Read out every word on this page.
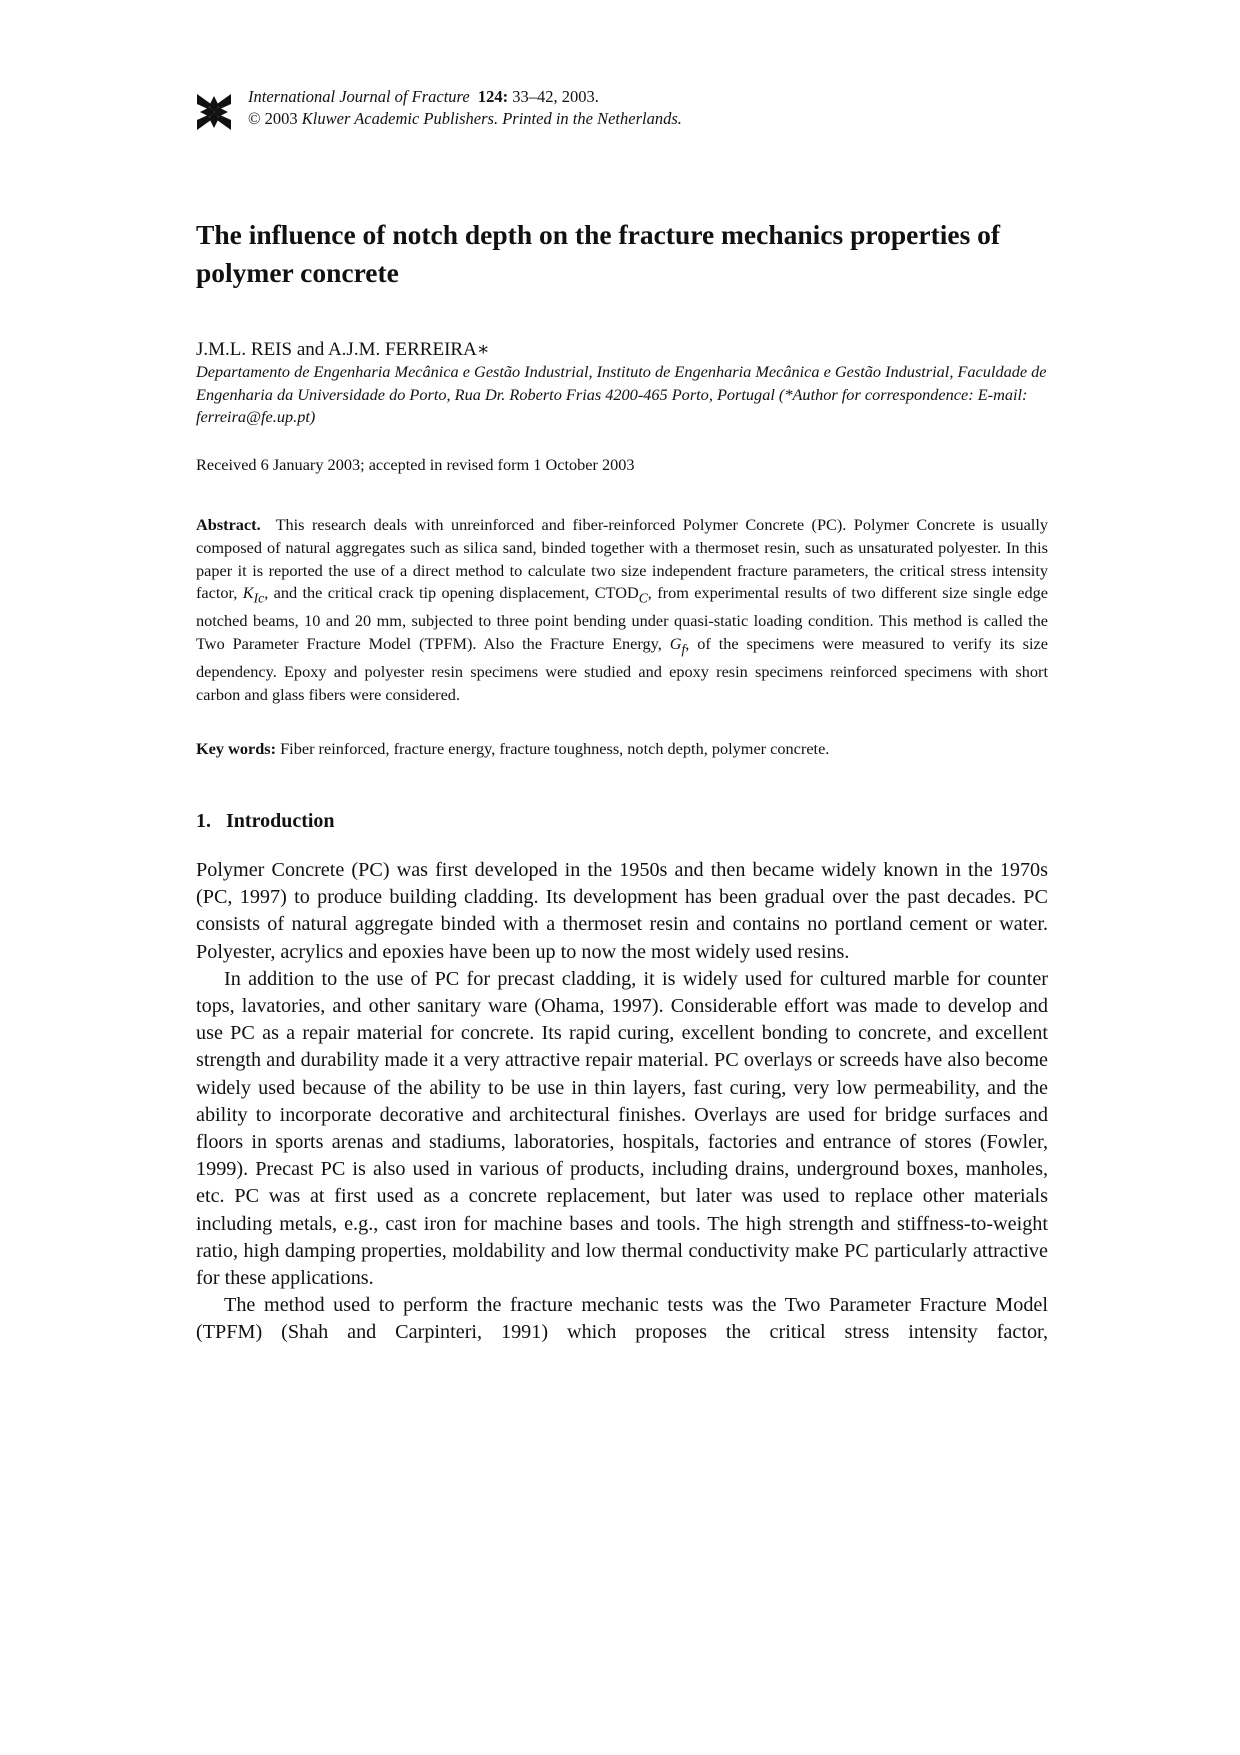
International Journal of Fracture 124: 33–42, 2003.
© 2003 Kluwer Academic Publishers. Printed in the Netherlands.
The influence of notch depth on the fracture mechanics properties of polymer concrete
J.M.L. REIS and A.J.M. FERREIRA∗
Departamento de Engenharia Mecânica e Gestão Industrial, Instituto de Engenharia Mecânica e Gestão Industrial, Faculdade de Engenharia da Universidade do Porto, Rua Dr. Roberto Frias 4200-465 Porto, Portugal (*Author for correspondence: E-mail: ferreira@fe.up.pt)
Received 6 January 2003; accepted in revised form 1 October 2003

Abstract. This research deals with unreinforced and fiber-reinforced Polymer Concrete (PC). Polymer Concrete is usually composed of natural aggregates such as silica sand, binded together with a thermoset resin, such as unsaturated polyester. In this paper it is reported the use of a direct method to calculate two size independent fracture parameters, the critical stress intensity factor, $K_{Ic}$, and the critical crack tip opening displacement, $CTOD_C$, from experimental results of two different size single edge notched beams, 10 and 20 mm, subjected to three point bending under quasi-static loading condition. This method is called the Two Parameter Fracture Model (TPFM). Also the Fracture Energy, $G_f$, of the specimens were measured to verify its size dependency. Epoxy and polyester resin specimens were studied and epoxy resin specimens reinforced specimens with short carbon and glass fibers were considered.

Key words: Fiber reinforced, fracture energy, fracture toughness, notch depth, polymer concrete.
1. Introduction

Polymer Concrete (PC) was first developed in the 1950s and then became widely known in the 1970s (PC, 1997) to produce building cladding. Its development has been gradual over the past decades. PC consists of natural aggregate binded with a thermoset resin and contains no portland cement or water. Polyester, acrylics and epoxies have been up to now the most widely used resins.

In addition to the use of PC for precast cladding, it is widely used for cultured marble for counter tops, lavatories, and other sanitary ware (Ohama, 1997). Considerable effort was made to develop and use PC as a repair material for concrete. Its rapid curing, excellent bonding to concrete, and excellent strength and durability made it a very attractive repair material. PC overlays or screeds have also become widely used because of the ability to be use in thin layers, fast curing, very low permeability, and the ability to incorporate decorative and architectural finishes. Overlays are used for bridge surfaces and floors in sports arenas and stadiums, laboratories, hospitals, factories and entrance of stores (Fowler, 1999). Precast PC is also used in various of products, including drains, underground boxes, manholes, etc. PC was at first used as a concrete replacement, but later was used to replace other materials including metals, e.g., cast iron for machine bases and tools. The high strength and stiffness-to-weight ratio, high damping properties, moldability and low thermal conductivity make PC particularly attractive for these applications.

The method used to perform the fracture mechanic tests was the Two Parameter Fracture Model (TPFM) (Shah and Carpinteri, 1991) which proposes the critical stress intensity factor,
